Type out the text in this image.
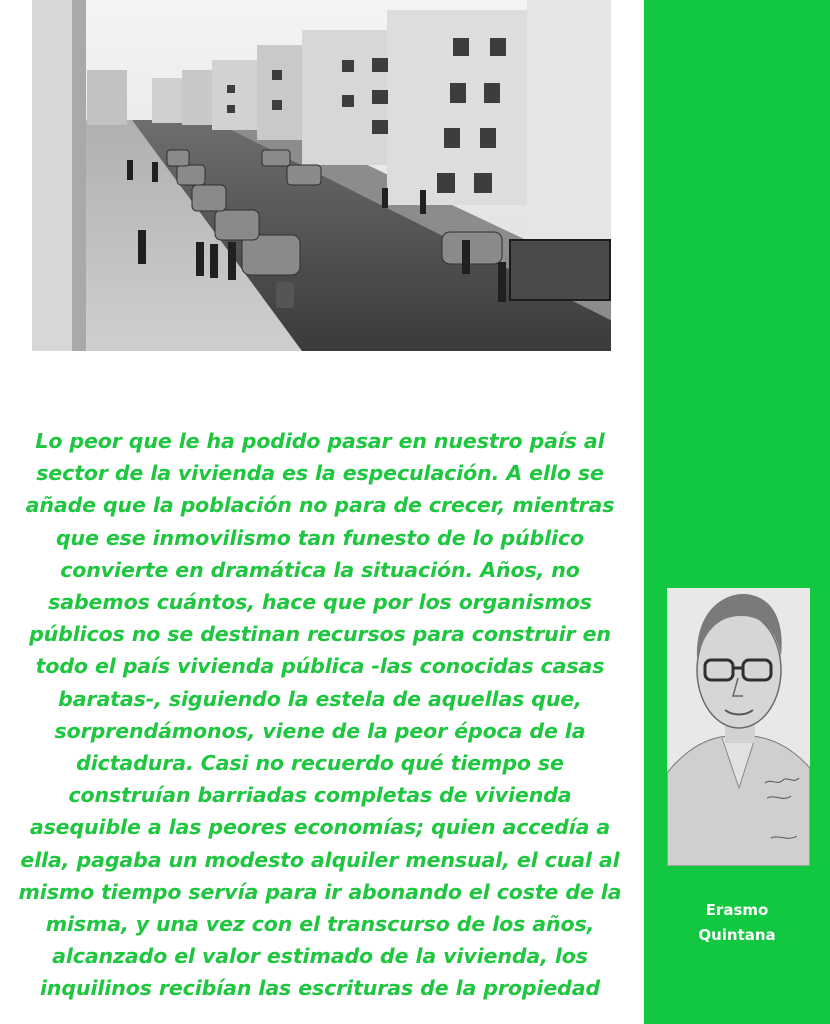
Lo peor que le ha podido pasar en nuestro país al sector de la vivienda es la especulación. A ello se añade que la población no para de crecer, mientras que ese inmovilismo tan funesto de lo público convierte en dramática la situación. Años, no sabemos cuántos, hace que por los organismos públicos no se destinan recursos para construir en todo el país vivienda pública -las conocidas casas baratas-, siguiendo la estela de aquellas que, sorprendámonos, viene de la peor época de la dictadura. Casi no recuerdo qué tiempo se construían barriadas completas de vivienda asequible a las peores economías; quien accedía a ella, pagaba un modesto alquiler mensual, el cual al mismo tiempo servía para ir abonando el coste de la misma, y una vez con el transcurso de los años, alcanzado el valor estimado de la vivienda, los inquilinos recibían las escrituras de la propiedad

Erasmo
Quintana
